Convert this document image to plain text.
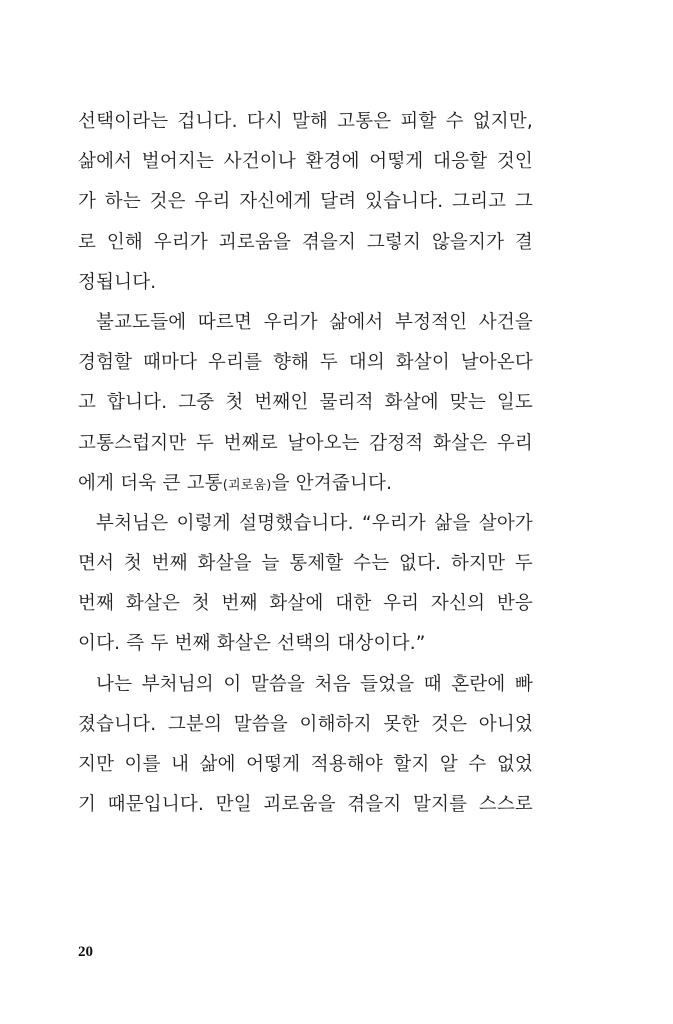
선택이라는 겁니다. 다시 말해 고통은 피할 수 없지만,
삶에서 벌어지는 사건이나 환경에 어떻게 대응할 것인
가 하는 것은 우리 자신에게 달려 있습니다. 그리고 그
로 인해 우리가 괴로움을 겪을지 그렇지 않을지가 결
정됩니다.
불교도들에 따르면 우리가 삶에서 부정적인 사건을
경험할 때마다 우리를 향해 두 대의 화살이 날아온다
고 합니다. 그중 첫 번째인 물리적 화살에 맞는 일도
고통스럽지만 두 번째로 날아오는 감정적 화살은 우리
에게 더욱 큰 고통(괴로움)을 안겨줍니다.
부처님은 이렇게 설명했습니다. “우리가 삶을 살아가
면서 첫 번째 화살을 늘 통제할 수는 없다. 하지만 두
번째 화살은 첫 번째 화살에 대한 우리 자신의 반응
이다. 즉 두 번째 화살은 선택의 대상이다.”
나는 부처님의 이 말씀을 처음 들었을 때 혼란에 빠
졌습니다. 그분의 말씀을 이해하지 못한 것은 아니었
지만 이를 내 삶에 어떻게 적용해야 할지 알 수 없었
기 때문입니다. 만일 괴로움을 겪을지 말지를 스스로
20
